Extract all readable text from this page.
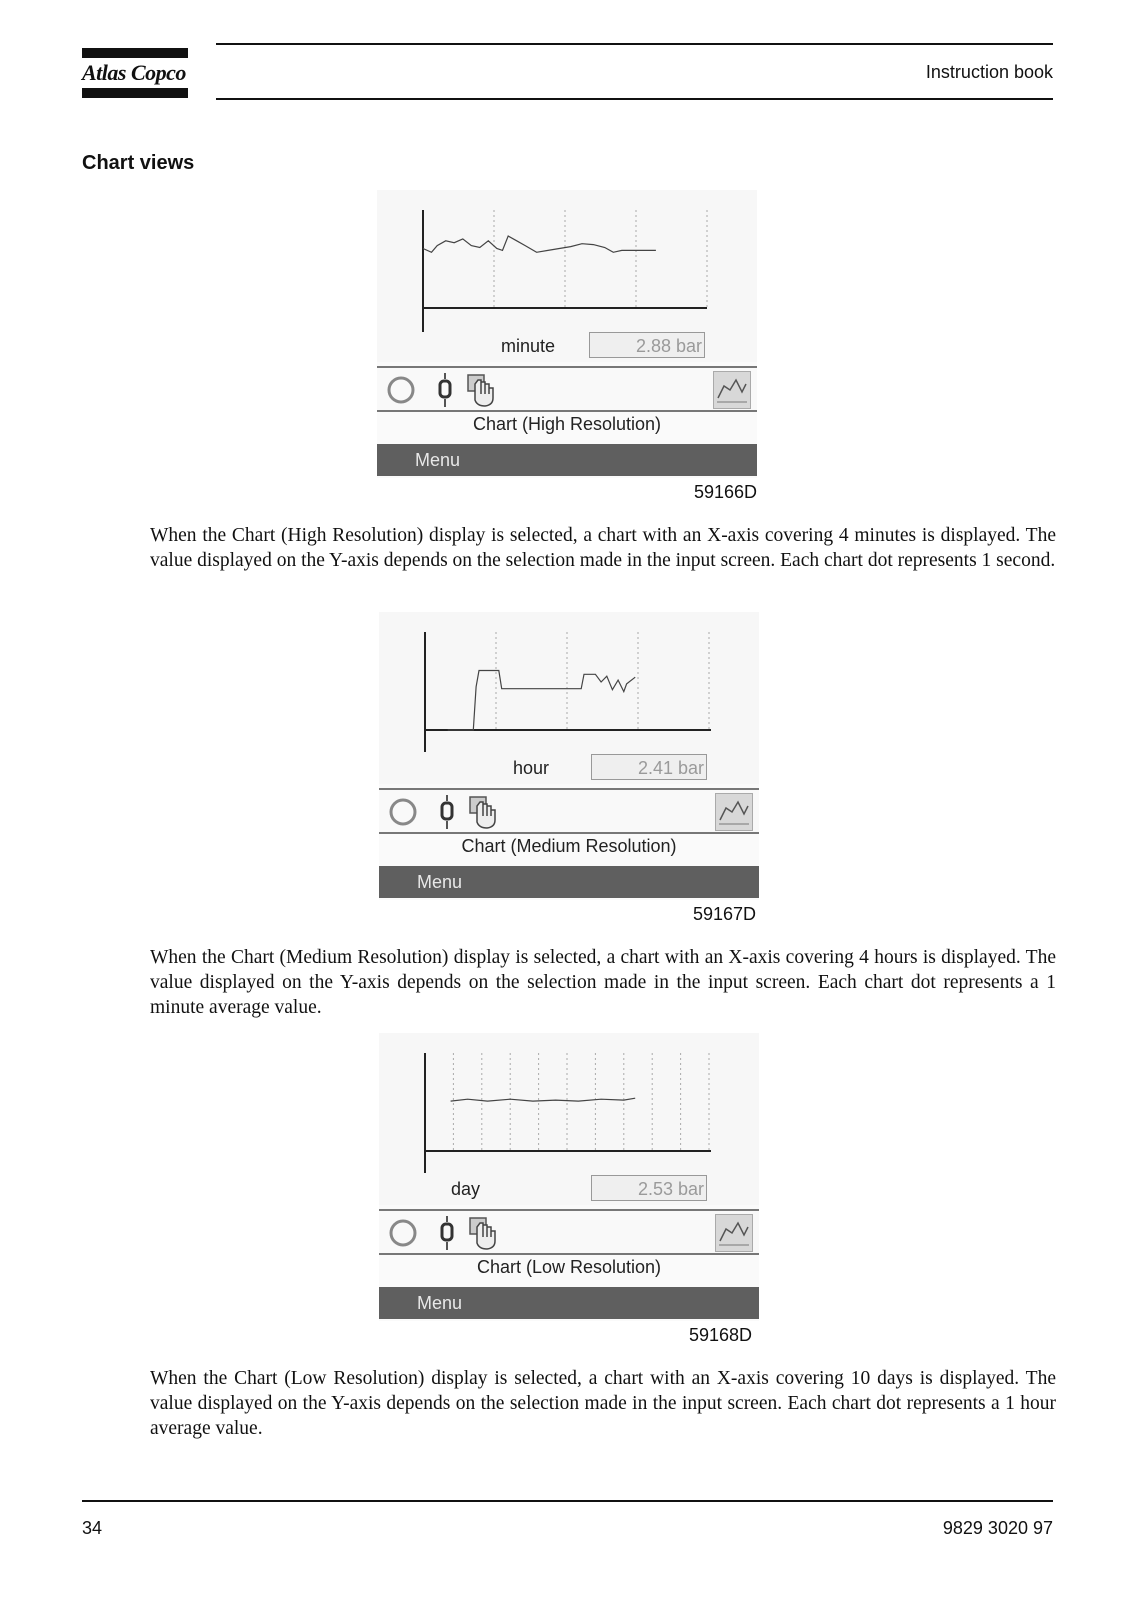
Atlas Copco	Instruction book
Chart views
minute	2.88 bar
Chart (High Resolution)
Menu
59166D
When the Chart (High Resolution) display is selected, a chart with an X-axis covering 4 minutes is displayed. The value displayed on the Y-axis depends on the selection made in the input screen. Each chart dot represents 1 second.
hour	2.41 bar
Chart (Medium Resolution)
Menu
59167D
When the Chart (Medium Resolution) display is selected, a chart with an X-axis covering 4 hours is displayed. The value displayed on the Y-axis depends on the selection made in the input screen. Each chart dot represents a 1 minute average value.
day	2.53 bar
Chart (Low Resolution)
Menu
59168D
When the Chart (Low Resolution) display is selected, a chart with an X-axis covering 10 days is displayed. The value displayed on the Y-axis depends on the selection made in the input screen. Each chart dot represents a 1 hour average value.
34	9829 3020 97
